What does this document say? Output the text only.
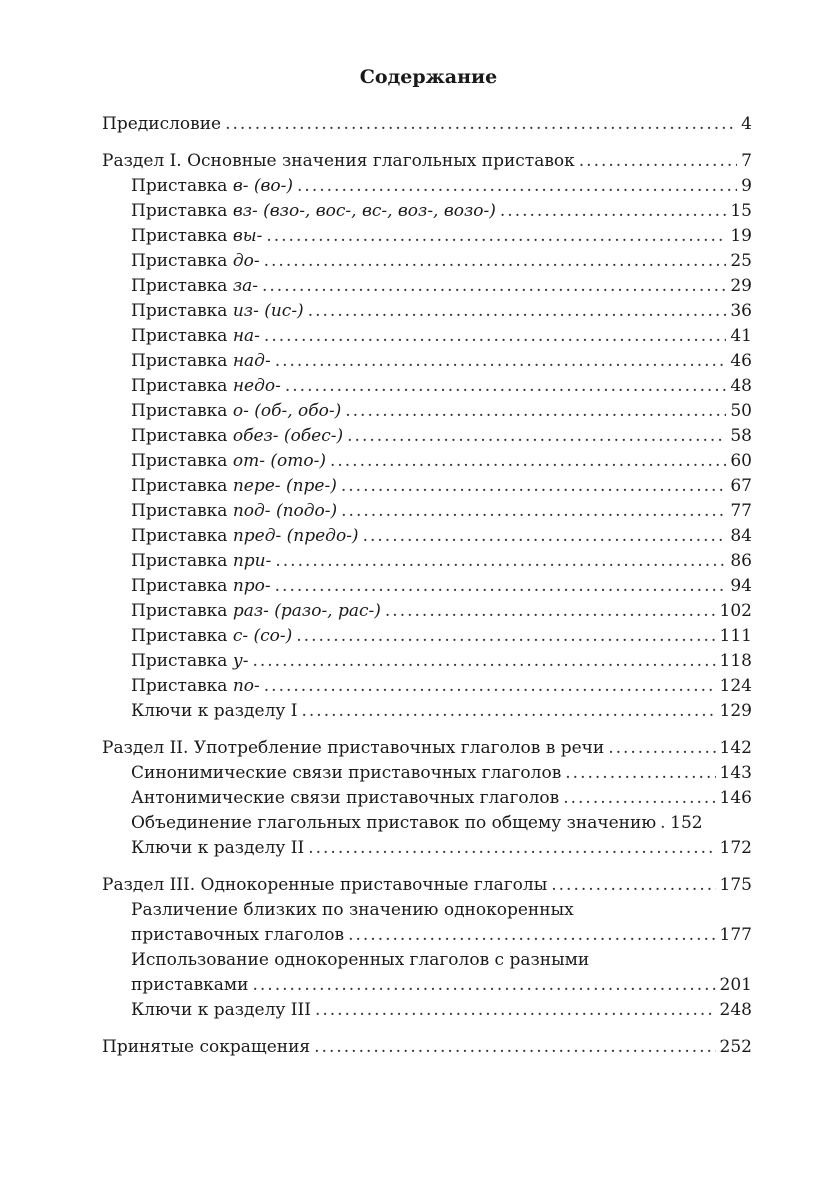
Содержание
Предисловие .....	4
Раздел I. Основные значения глагольных приставок .....	7
Приставка в- (во-) .....	9
Приставка вз- (взо-, вос-, вс-, воз-, возо-) .....	15
Приставка вы- .....	19
Приставка до- .....	25
Приставка за- .....	29
Приставка из- (ис-) .....	36
Приставка на- .....	41
Приставка над- .....	46
Приставка недо- .....	48
Приставка о- (об-, обо-) .....	50
Приставка обез- (обес-) .....	58
Приставка от- (ото-) .....	60
Приставка пере- (пре-) .....	67
Приставка под- (подо-) .....	77
Приставка пред- (предо-) .....	84
Приставка при- .....	86
Приставка про- .....	94
Приставка раз- (разо-, рас-) .....	102
Приставка с- (со-) .....	111
Приставка у- .....	118
Приставка по- .....	124
Ключи к разделу I .....	129
Раздел II. Употребление приставочных глаголов в речи .....	142
Синонимические связи приставочных глаголов .....	143
Антонимические связи приставочных глаголов .....	146
Объединение глагольных приставок по общему значению ..... 152
Ключи к разделу II .....	172
Раздел III. Однокоренные приставочные глаголы .....	175
Различение близких по значению однокоренных
приставочных глаголов .....	177
Использование однокоренных глаголов с разными
приставками .....	201
Ключи к разделу III .....	248
Принятые сокращения .....	252
